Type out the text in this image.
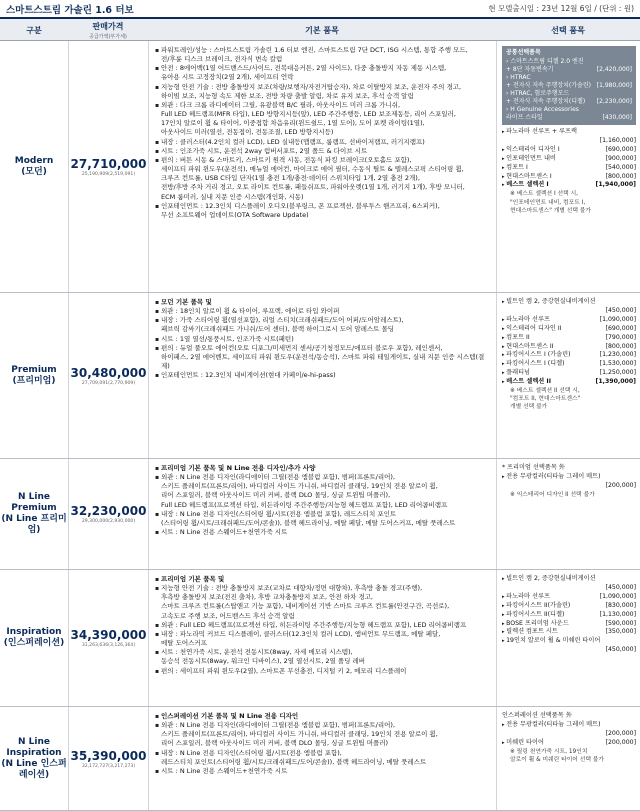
스마트스트림 가솔린 1.6 터보	현 모델출시일 : 23년 12월 6일 / (단위 : 원)
구분	판매가격
공급가액(부가세)
기본 품목	선택 품목
Modern
(모던)
27,710,000
25,190,909(2,519,091)
▪ 파워트레인/성능 : 스마트스트림 가솔린 1.6 터보 엔진, 스마트스트림 7단 DCT, ISG 시스템, 통합 주행 모드,
전/후륜 디스크 브레이크, 전자식 변속 칼럼
▪ 안전 : 8에어백(1열 어드밴스드/사이드, 전복대응커튼, 2열 사이드), 다중 충돌방지 자동 제동 시스템,
유아용 시트 고정장치(2열 2개), 세이프티 언락
▪ 지능형 안전 기술 : 전방 충돌방지 보조(차량/보행자/자전거탑승자), 차로 이탈방지 보조, 운전자 주의 경고,
하이빔 보조, 지능형 속도 제한 보조, 전방 차량 출발 알림, 차로 유지 보조, 후석 승객 알림
▪ 외관 : 다크 크롬 라디에이터 그릴, 유광블랙 B/C 필라, 아웃사이드 미러 크롬 가니쉬,
Full LED 헤드램프(MFR 타입), LED 방향지시등(앞), LED 주간주행등, LED 보조제동등, 리어 스포일러,
17인치 알로이 휠 & 타이어, 이중접합 차음유리(윈드쉴드, 1열 도어), 도어 포켓 라이팅(1열),
아웃사이드 미러(열선, 전동접이, 전동조절, LED 방향지시등)
▪ 내장 : 클러스터(4.2인치 컬러 LCD), LED 실내등(맵램프, 룸램프, 선바이저램프, 러기지램프)
▪ 시트 : 인조가죽 시트, 운전석 2way 럼버서포트, 2열 폴드 & 다이브 시트
▪ 편의 : 버튼 시동 & 스마트키, 스마트키 원격 시동, 전동식 파킹 브레이크(오토홀드 포함),
세이프티 파워 윈도우(운전석), 매뉴얼 에어컨, 마이크로 에어 필터, 수동식 틸트 & 텔레스코픽 스티어링 휠,
크루즈 컨트롤, USB C타입 단자(1열 충전 1개/충전·데이터 스위치타입 1개, 2열 충전 2개),
전방/후방 주차 거리 경고, 오토 라이트 컨트롤, 패들쉬프트, 파워아웃렛(1열 1개, 러기지 1개), 후방 모니터,
ECM 룸미러, 실내 지문 인증 시스템(개인화, 시동)
▪ 인포테인먼트 : 12.3인치 디스플레이 오디오(블루링크, 폰 프로젝션, 블루투스 핸즈프리, 6스피커),
무선 소프트웨어 업데이트(OTA Software Update)
공통선택품목
› 스마트스트림 디젤 2.0 엔진
+ 8단 자동변속기	[2,420,000]
› HTRAC
+ 전자식 저속 주행장치(가솔린) [1,980,000]
› HTRAC, 험로주행모드
+ 전자식 저속 주행장치(디젤) [2,230,000]
› H Genuine Accessories
라이프 스타일	[430,000]
▸ 파노라마 선루프 + 루프랙
[1,160,000]
▸ 익스테리어 디자인 I	[690,000]
▸ 인포테인먼트 내비	[900,000]
▸ 컴포트 I	[540,000]
▸ 현대스마트센스 I	[800,000]
▸ 베스트 셀렉션 I	[1,940,000]
※ 베스트 셀렉션 I 선택 시,
"인포테인먼트 내비, 컴포트 I,
현대스마트센스" 개별 선택 불가
Premium
(프리미엄)
30,480,000
27,709,091(2,770,909)
▪ 모던 기본 품목 및
▪ 외관 : 18인치 알로이 휠 & 타이어, 루프랙, 에어로 타입 와이퍼
▪ 내장 : 가죽 스티어링 휠(열선포함), 리얼 스티치(크래쉬패드/도어 어퍼/도어암레스트),
패브릭 감싸기(크래쉬패드 가니쉬/도어 센터), 블랙 하이그로시 도어 암레스트 몰딩
▪ 시트 : 1열 열선/통풍시트, 인조가죽 시트(패턴)
▪ 편의 : 듀얼 풀오토 에어컨(오토 디포그/미세먼지 센서/공기청정모드/애프터 블로우 포함), 레인센서,
하이패스, 2열 에어벤트, 세이프티 파워 윈도우(운전석/동승석), 스마트 파워 테일게이트, 실내 지문 인증 시스템(결제)
▪ 인포테인먼트 : 12.3인치 내비게이션(현대 카페이/e-hi-pass)
▸ 빌트인 캠 2, 증강현실내비게이션
[450,000]
▸ 파노라마 선루프	[1,090,000]
▸ 익스테리어 디자인 II	[690,000]
▸ 컴포트 II	[790,000]
▸ 현대스마트센스 II	[800,000]
▸ 파킹어시스트 I (가솔린)	[1,230,000]
▸ 파킹어시스트 I (디젤)	[1,530,000]
▸ 플래티넘	[1,250,000]
▸ 베스트 셀렉션 II	[1,390,000]
※ 베스트 셀렉션 II 선택 시,
"컴포트 II, 현대스마트센스"
개별 선택 불가
N Line Premium
(N Line 프리미엄)
32,230,000
29,300,000(2,930,000)
▪ 프리미엄 기본 품목 및 N Line 전용 디자인/추가 사양
▪ 외관 : N Line 전용 디자인(라디에이터 그릴(전용 엠블럼 포함), 범퍼(프론트/리어),
스키드 플레이트(프론트/리어), 바디컬러 사이드 가니쉬, 바디컬러 클래딩, 19인치 전용 알로이 휠,
리어 스포일러, 블랙 아웃사이드 미러 커버, 블랙 DLO 몰딩, 싱글 트윈팁 머플러),
Full LED 헤드램프(프로젝션 타입, 히든라이팅 주간주행등/지능형 헤드램프 포함), LED 리어콤비램프
▪ 내장 : N Line 전용 디자인(스티어링 휠/시트(전용 엠블럼 포함), 레드스티치 포인트
(스티어링 휠/시트/크래쉬패드/도어/콘솔)), 블랙 헤드라이닝, 메탈 페달, 메탈 도어스커프, 메탈 풋레스트
▪ 시트 : N Line 전용 스웨이드+천연가죽 시트
* 프리미엄 선택품목 外
▸ 전용 무광컬러(티타늄 그레이 매트)
[200,000]
※ 익스테리어 디자인 II 선택 불가
Inspiration
(인스퍼레이션)
34,390,000
31,263,636(3,126,364)
▪ 프리미엄 기본 품목 및
▪ 지능형 안전 기술 : 전방 충돌방지 보조(교차로 대향차/정면 대향차), 후측방 충돌 경고(주행),
후측방 충돌방지 보조(전진 출차), 후방 교차충돌방지 보조, 안전 하차 경고,
스마트 크루즈 컨트롤(스탑앤고 기능 포함), 내비게이션 기반 스마트 크루즈 컨트롤(안전구간, 곡선로),
고속도로 주행 보조, 어드밴스드 후석 승객 알림
▪ 외관 : Full LED 헤드램프(프로젝션 타입, 히든라이팅 주간주행등/지능형 헤드램프 포함), LED 리어콤비램프
▪ 내장 : 파노라믹 커브드 디스플레이, 클러스터(12.3인치 컬러 LCD), 앰비언트 무드램프, 메탈 페달,
메탈 도어스커프
▪ 시트 : 천연가죽 시트, 운전석 전동시트(8way, 자세 메모리 시스템),
동승석 전동시트(8way, 워크인 디바이스), 2열 열선시트, 2열 폴딩 레버
▪ 편의 : 세이프티 파워 윈도우(2열), 스마트폰 무선충전, 디지털 키 2, 메모리 디스플레이
▸ 빌트인 캠 2, 증강현실내비게이션
[450,000]
▸ 파노라마 선루프	[1,090,000]
▸ 파킹어시스트 II(가솔린)	[830,000]
▸ 파킹어시스트 II(디젤)	[1,130,000]
▸ BOSE 프리미엄 사운드	[590,000]
▸ 릴렉션 컴포트 시트	[350,000]
▸ 19인치 알로이 휠 & 미쉐린 타이어
[450,000]
N Line Inspiration
(N Line 인스퍼레이션)
35,390,000
32,172,727(3,217,273)
▪ 인스퍼레이션 기본 품목 및 N Line 전용 디자인
▪ 외관 : N Line 전용 디자인(라디에이터 그릴(전용 엠블럼 포함), 범퍼(프론트/리어),
스키드 플레이트(프론트/리어), 바디컬러 사이드 가니쉬, 바디컬러 클래딩, 19인치 전용 알로이 휠,
리어 스포일러, 블랙 아웃사이드 미러 커버, 블랙 DLO 몰딩, 싱글 트윈팁 머플러)
▪ 내장 : N Line 전용 디자인(스티어링 휠/시트(전용 엠블럼 포함),
레드스티치 포인트(스티어링 휠/시트/크래쉬패드/도어/콘솔)), 블랙 헤드라이닝, 메탈 풋레스트
▪ 시트 : N Line 전용 스웨이드+천연가죽 시트
인스퍼레이션 선택품목 外
▸ 전용 무광컬러(티타늄 그레이 매트)
[200,000]
▸ 미쉐린 타이어	[200,000]
※ 릴링 천연가죽 시트, 19인치
알로이 휠 & 미쉐린 타이어 선택 불가
